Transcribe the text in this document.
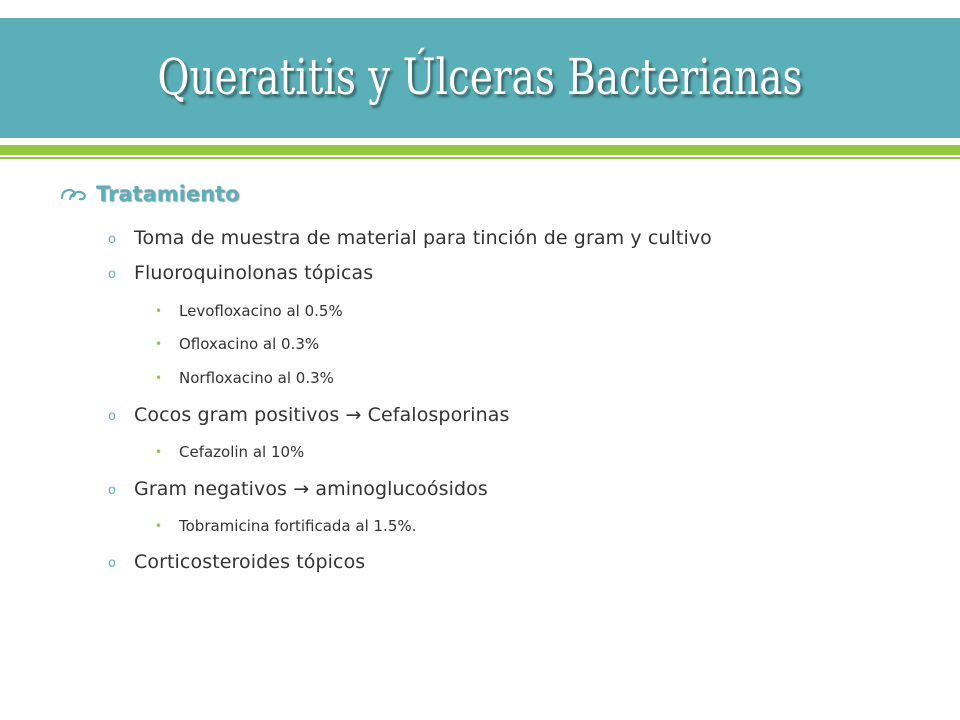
Queratitis y Úlceras Bacterianas
Tratamiento
o Toma de muestra de material para tinción de gram y cultivo
o Fluoroquinolonas tópicas
•	Levofloxacino al 0.5%
•	Ofloxacino al 0.3%
•	Norfloxacino al 0.3%
o Cocos gram positivos → Cefalosporinas
•	Cefazolin al 10%
o Gram negativos → aminoglucoósidos
•	Tobramicina fortificada al 1.5%.
o Corticosteroides tópicos
